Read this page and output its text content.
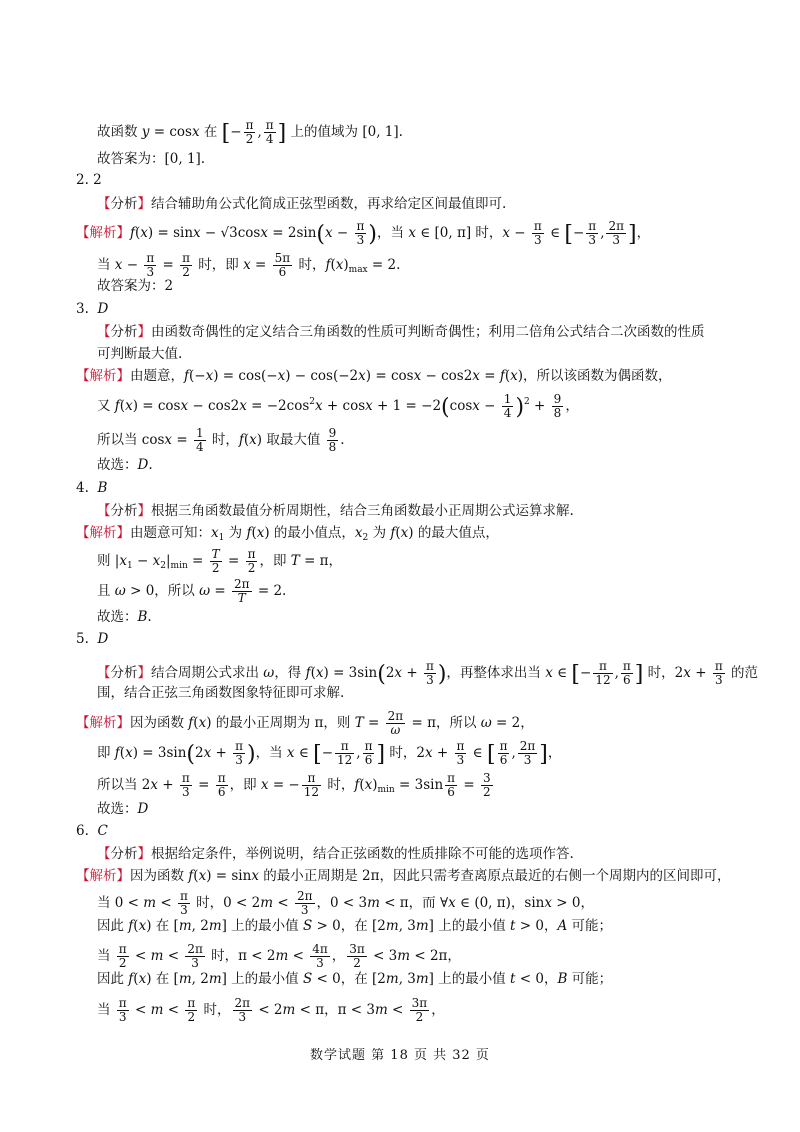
故函数 y = cosx 在 [− $\frac{\pi}{2}$ , $\frac{\pi}{4}$ ] 上的值域为 [0, 1].
故答案为：[0, 1].
2. 2
【分析】结合辅助角公式化简成正弦型函数，再求给定区间最值即可.
【解析】$f(x) = \sin x - √3\cos x = 2\sin(x - \frac{\pi}{3}$ )，当 x ∈ [0, π] 时，$x - \frac{\pi}{3}$ ∈ [− $\frac{\pi}{3}$ , $\frac{2\pi}{3}$ ]，
当 $x - \frac{\pi}{3} = \frac{\pi}{2}$ 时，即 $x = \frac{5\pi}{6}$ 时，$f(x)_{max} = 2$.
故答案为：2
3.  D
【分析】由函数奇偶性的定义结合三角函数的性质可判断奇偶性；利用二倍角公式结合二次函数的性质
可判断最大值.
【解析】由题意，f(−x) = cos(−x) − cos(−2x) = cosx − cos2x = f(x)，所以该函数为偶函数，
又 $f(x) = \cos x - \cos 2x = -2\cos^2x + \cos x + 1 = -2(\cos x - \frac{1}{4} )^2 + \frac{9}{8}$ ，
所以当 $\cos x = \frac{1}{4}$ 时，f(x) 取最大值 $\frac{9}{8}$ .
故选：D.
4.  B
【分析】根据三角函数最值分析周期性，结合三角函数最小正周期公式运算求解.
【解析】由题意可知：$x_1$ 为 f(x) 的最小值点，$x_2$ 为 f(x) 的最大值点，
则 $|x_1 - x_2|_{min} = \frac{T}{2} = \frac{\pi}{2}$ ，即 T = π，
且 ω > 0，所以 $\omega = \frac{2\pi}{T} = 2$.
故选：B.
5.  D
【分析】结合周期公式求出 ω，得 $f(x) = 3\sin(2x + \frac{\pi}{3}$ )，再整体求出当 x ∈ [− $\frac{\pi}{12}$ , $\frac{\pi}{6}$ ] 时，$2x + \frac{\pi}{3}$ 的范
围，结合正弦三角函数图象特征即可求解.
【解析】因为函数 f(x) 的最小正周期为 π，则 $T = \frac{2\pi}{\omega} = \pi$，所以 ω = 2，
即 $f(x) = 3\sin(2x + \frac{\pi}{3}$ )，当 x ∈ [− $\frac{\pi}{12}$ , $\frac{\pi}{6}$ ] 时，$2x + \frac{\pi}{3}$ ∈ [ $\frac{\pi}{6}$ , $\frac{2\pi}{3}$ ]，
所以当 $2x + \frac{\pi}{3} = \frac{\pi}{6}$ ，即 x = − $\frac{\pi}{12}$ 时，$f(x)_{min} = 3\sin \frac{\pi}{6} = \frac{3}{2}$
故选：D
6.  C
【分析】根据给定条件，举例说明，结合正弦函数的性质排除不可能的选项作答.
【解析】因为函数 f(x) = sinx 的最小正周期是 2π，因此只需考查离原点最近的右侧一个周期内的区间即可，
当 $0 < m < \frac{\pi}{3}$ 时，$0 < 2m < \frac{2\pi}{3}$ ，0 < 3m < π，而 ∀x ∈ (0, π)，sinx > 0，
因此 f(x) 在 [m, 2m] 上的最小值 S > 0，在 [2m, 3m] 上的最小值 t > 0，A 可能；
当 $\frac{\pi}{2} < m < \frac{2\pi}{3}$ 时，$\pi < 2m < \frac{4\pi}{3}$ ， $\frac{3\pi}{2} < 3m < 2\pi$，
因此 f(x) 在 [m, 2m] 上的最小值 S < 0，在 [2m, 3m] 上的最小值 t < 0，B 可能；
当 $\frac{\pi}{3} < m < \frac{\pi}{2}$ 时， $\frac{2\pi}{3} < 2m < \pi$，$\pi < 3m < \frac{3\pi}{2}$ ，
数学试题 第 18 页 共 32 页
